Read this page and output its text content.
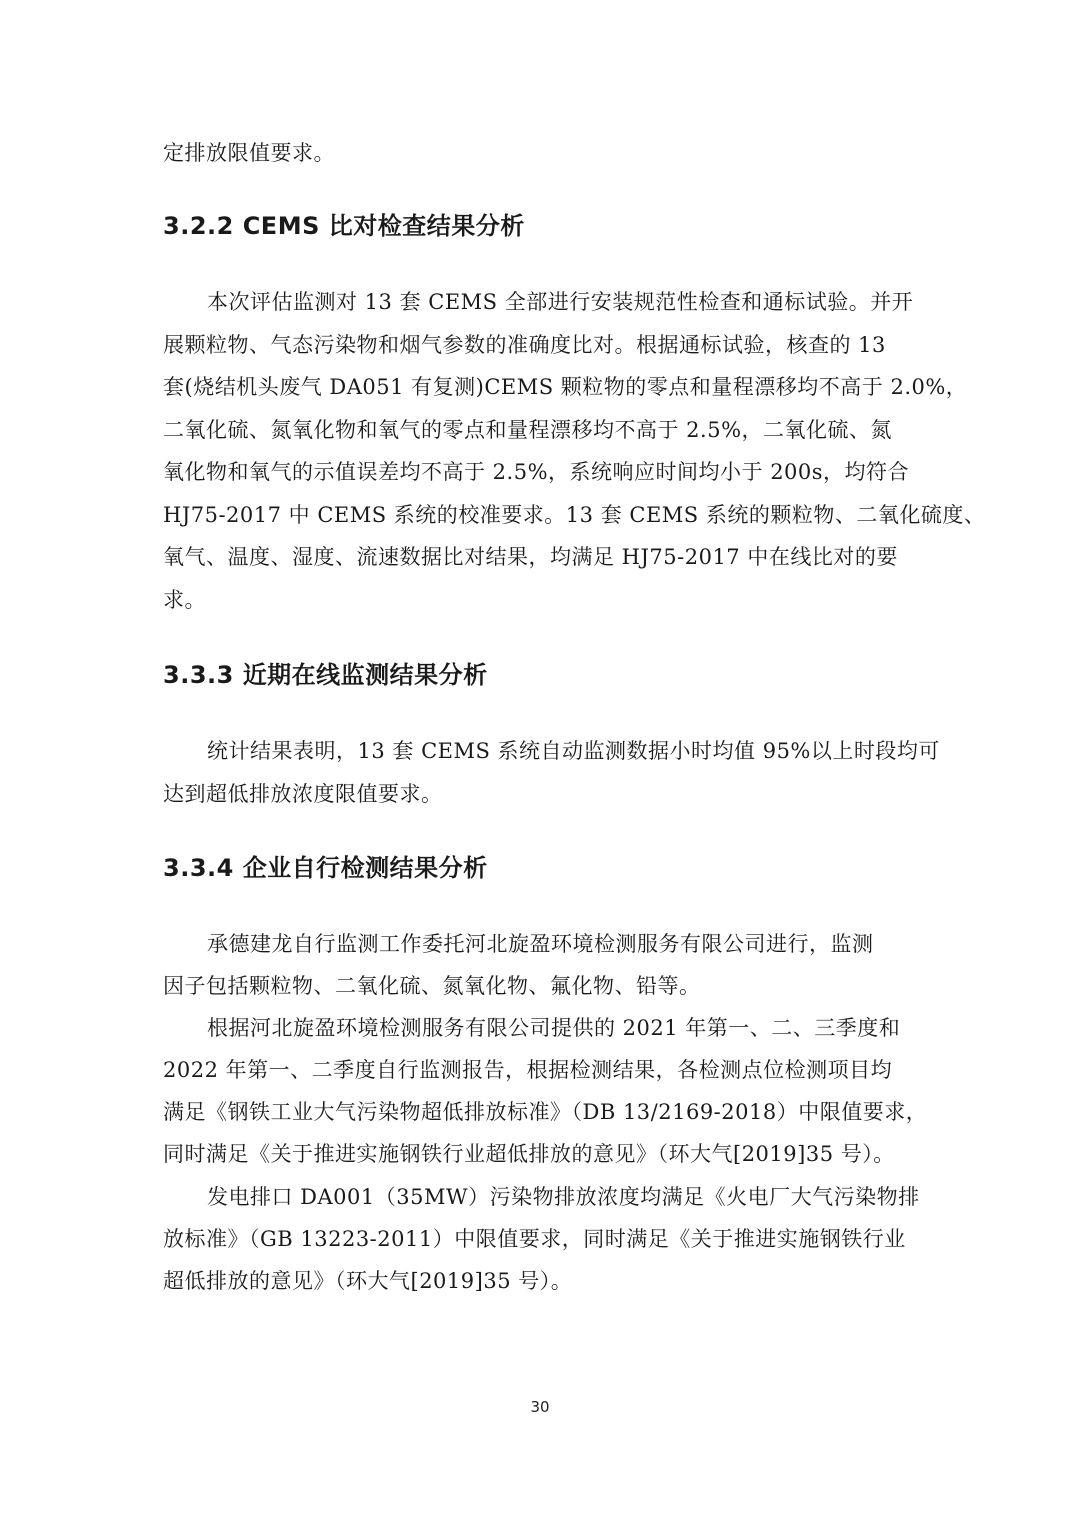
定排放限值要求。
3.2.2 CEMS 比对检查结果分析
本次评估监测对 13 套 CEMS 全部进行安装规范性检查和通标试验。并开
展颗粒物、气态污染物和烟气参数的准确度比对。根据通标试验，核查的 13
套(烧结机头废气 DA051 有复测)CEMS 颗粒物的零点和量程漂移均不高于 2.0%，
二氧化硫、氮氧化物和氧气的零点和量程漂移均不高于 2.5%，二氧化硫、氮
氧化物和氧气的示值误差均不高于 2.5%，系统响应时间均小于 200s，均符合
HJ75-2017 中 CEMS 系统的校准要求。13 套 CEMS 系统的颗粒物、二氧化硫度、
氧气、温度、湿度、流速数据比对结果，均满足 HJ75-2017 中在线比对的要
求。
3.3.3 近期在线监测结果分析
统计结果表明，13 套 CEMS 系统自动监测数据小时均值 95%以上时段均可
达到超低排放浓度限值要求。
3.3.4 企业自行检测结果分析
承德建龙自行监测工作委托河北旋盈环境检测服务有限公司进行，监测
因子包括颗粒物、二氧化硫、氮氧化物、氟化物、铅等。
根据河北旋盈环境检测服务有限公司提供的 2021 年第一、二、三季度和
2022 年第一、二季度自行监测报告，根据检测结果，各检测点位检测项目均
满足《钢铁工业大气污染物超低排放标准》（DB 13/2169-2018）中限值要求，
同时满足《关于推进实施钢铁行业超低排放的意见》（环大气[2019]35 号）。
发电排口 DA001（35MW）污染物排放浓度均满足《火电厂大气污染物排
放标准》（GB 13223-2011）中限值要求，同时满足《关于推进实施钢铁行业
超低排放的意见》（环大气[2019]35 号）。
30
